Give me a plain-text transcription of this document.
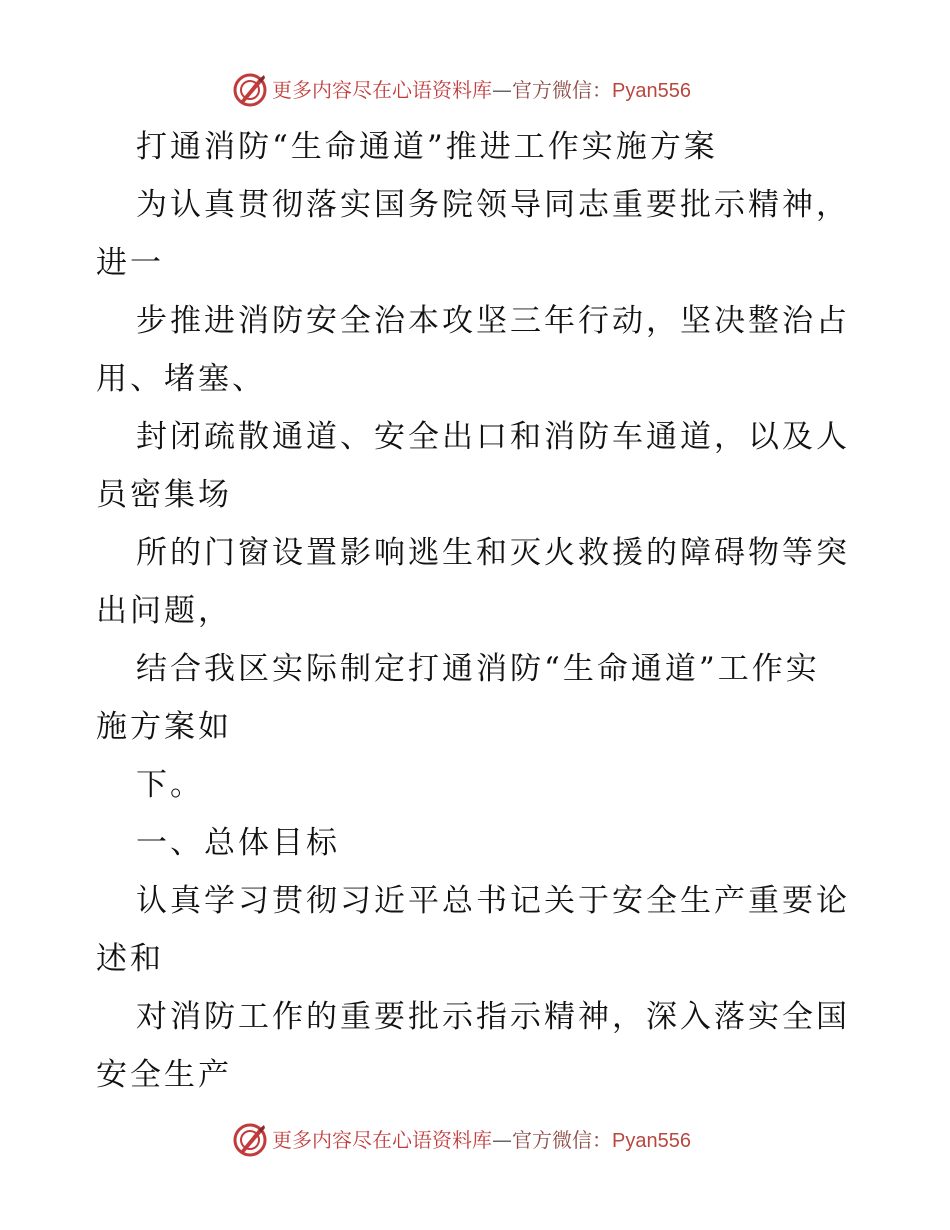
更多内容尽在心语资料库—官方微信：Pyan556
打通消防“生命通道”推进工作实施方案
为认真贯彻落实国务院领导同志重要批示精神，
进一
步推进消防安全治本攻坚三年行动，坚决整治占
用、堵塞、
封闭疏散通道、安全出口和消防车通道，以及人
员密集场
所的门窗设置影响逃生和灭火救援的障碍物等突
出问题，
结合我区实际制定打通消防“生命通道”工作实
施方案如
下。
一、总体目标
认真学习贯彻习近平总书记关于安全生产重要论
述和
对消防工作的重要批示指示精神，深入落实全国
安全生产
更多内容尽在心语资料库—官方微信：Pyan556
